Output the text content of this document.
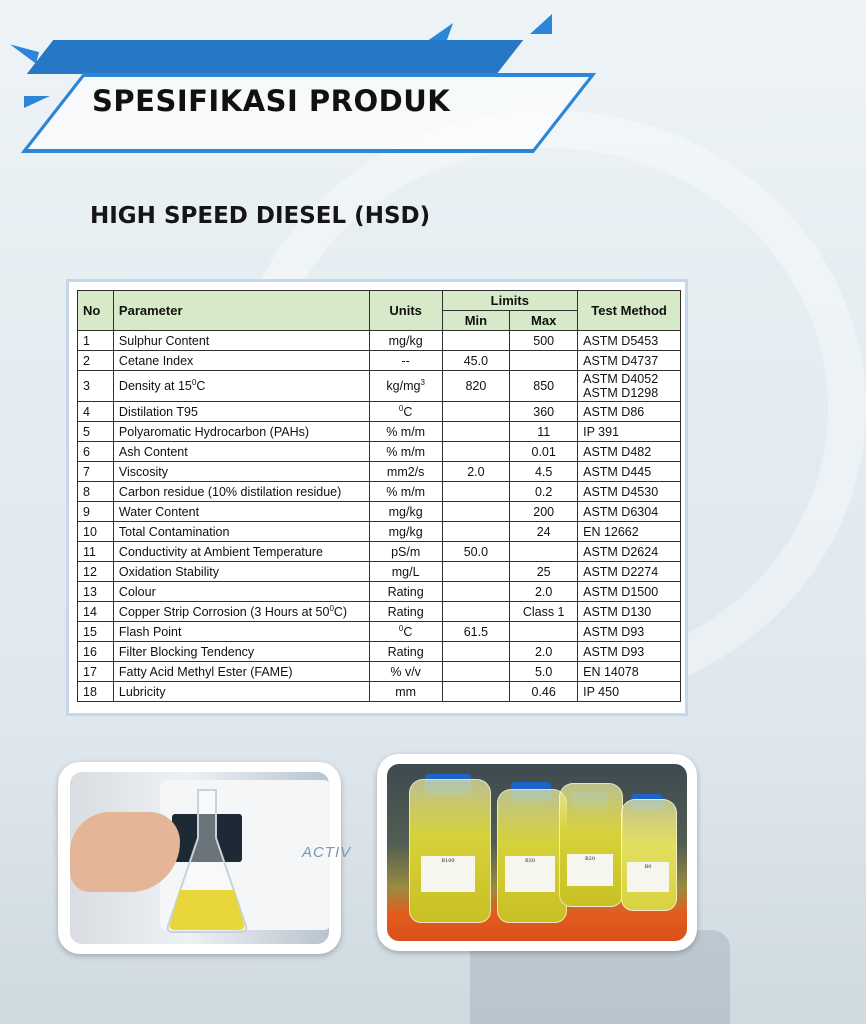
SPESIFIKASI PRODUK
HIGH SPEED DIESEL (HSD)
No	Parameter	Units	Limits		Test Method
			Min	Max	
1	Sulphur Content	mg/kg		500	ASTM D5453
2	Cetane Index	--	45.0		ASTM D4737
3	Density at $15^0C$	$kg/mg^3$	820	850	ASTM D4052
ASTM D1298
4	Distilation T95	$^0$C		360	ASTM D86
5	Polyaromatic Hydrocarbon (PAHs)	% m/m		11	IP 391
6	Ash Content	% m/m		0.01	ASTM D482
7	Viscosity	mm2/s	2.0	4.5	ASTM D445
8	Carbon residue (10% distilation residue)	% m/m		0.2	ASTM D4530
9	Water Content	mg/kg		200	ASTM D6304
10	Total Contamination	mg/kg		24	EN 12662
11	Conductivity at Ambient Temperature	pS/m	50.0		ASTM D2624
12	Oxidation Stability	mg/L		25	ASTM D2274
13	Colour	Rating		2.0	ASTM D1500
14	Copper Strip Corrosion (3 Hours at $50^0C$)	Rating		Class 1	ASTM D130
15	Flash Point	$^0$C	61.5		ASTM D93
16	Filter Blocking Tendency	Rating		2.0	ASTM D93
17	Fatty Acid Methyl Ester (FAME)	% v/v		5.0	EN 14078
18	Lubricity	mm		0.46	IP 450
ACTIV	B100	B30	B20
B0
